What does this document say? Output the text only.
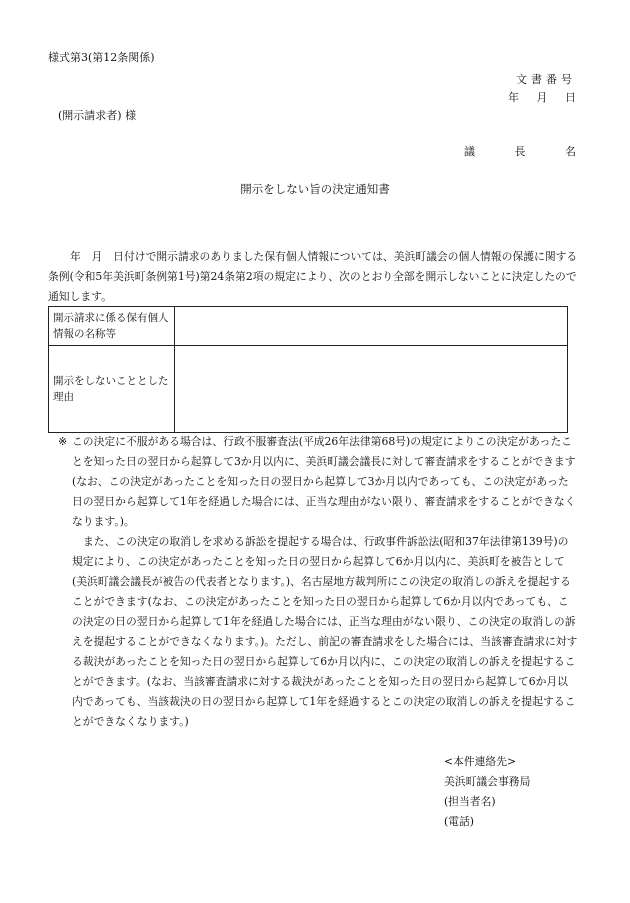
様式第3(第12条関係)
文書番号
年 月 日
(開示請求者) 様
議 長 名
開示をしない旨の決定通知書

年　月　日付けで開示請求のありました保有個人情報については、美浜町議会の個人情報の保護に関する条例(令和5年美浜町条例第1号)第24条第2項の規定により、次のとおり全部を開示しないことに決定したので通知します。

開示請求に係る保有個人情報の名称等	
開示をしないこととした理由	

※ この決定に不服がある場合は、行政不服審査法(平成26年法律第68号)の規定によりこの決定があったことを知った日の翌日から起算して3か月以内に、美浜町議会議長に対して審査請求をすることができます(なお、この決定があったことを知った日の翌日から起算して3か月以内であっても、この決定があった日の翌日から起算して1年を経過した場合には、正当な理由がない限り、審査請求をすることができなくなります。)。

また、この決定の取消しを求める訴訟を提起する場合は、行政事件訴訟法(昭和37年法律第139号)の規定により、この決定があったことを知った日の翌日から起算して6か月以内に、美浜町を被告として(美浜町議会議長が被告の代表者となります。)、名古屋地方裁判所にこの決定の取消しの訴えを提起することができます(なお、この決定があったことを知った日の翌日から起算して6か月以内であっても、この決定の日の翌日から起算して1年を経過した場合には、正当な理由がない限り、この決定の取消しの訴えを提起することができなくなります。)。ただし、前記の審査請求をした場合には、当該審査請求に対する裁決があったことを知った日の翌日から起算して6か月以内に、この決定の取消しの訴えを提起することができます。(なお、当該審査請求に対する裁決があったことを知った日の翌日から起算して6か月以内であっても、当該裁決の日の翌日から起算して1年を経過するとこの決定の取消しの訴えを提起することができなくなります。)

<本件連絡先>
美浜町議会事務局
(担当者名)
(電話)
